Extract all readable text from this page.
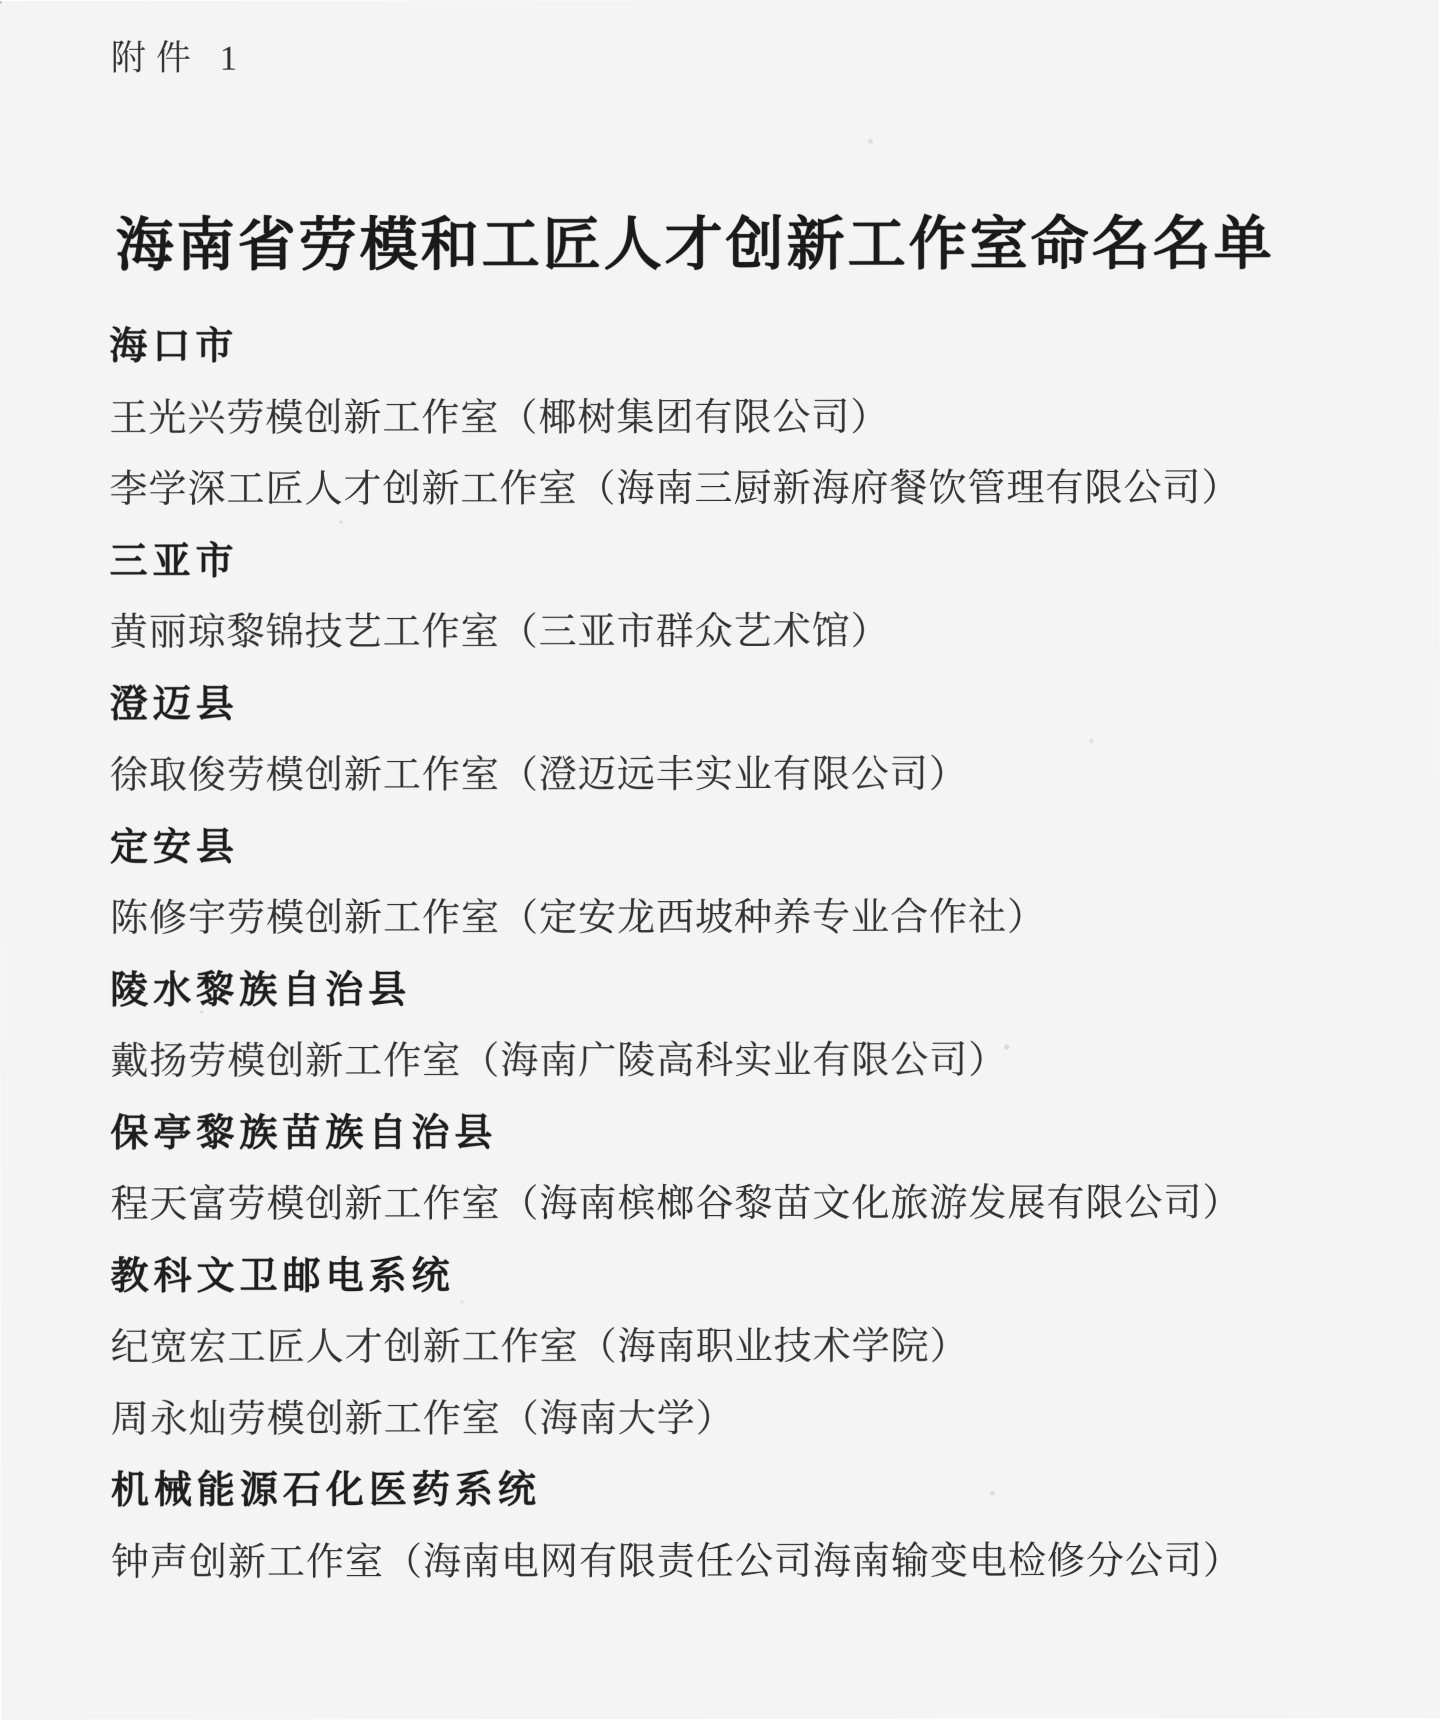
附件 1
海南省劳模和工匠人才创新工作室命名名单
海口市
王光兴劳模创新工作室（椰树集团有限公司）
李学深工匠人才创新工作室（海南三厨新海府餐饮管理有限公司）
三亚市
黄丽琼黎锦技艺工作室（三亚市群众艺术馆）
澄迈县
徐取俊劳模创新工作室（澄迈远丰实业有限公司）
定安县
陈修宇劳模创新工作室（定安龙西坡种养专业合作社）
陵水黎族自治县
戴扬劳模创新工作室（海南广陵高科实业有限公司）
保亭黎族苗族自治县
程天富劳模创新工作室（海南槟榔谷黎苗文化旅游发展有限公司）
教科文卫邮电系统
纪宽宏工匠人才创新工作室（海南职业技术学院）
周永灿劳模创新工作室（海南大学）
机械能源石化医药系统
钟声创新工作室（海南电网有限责任公司海南输变电检修分公司）
